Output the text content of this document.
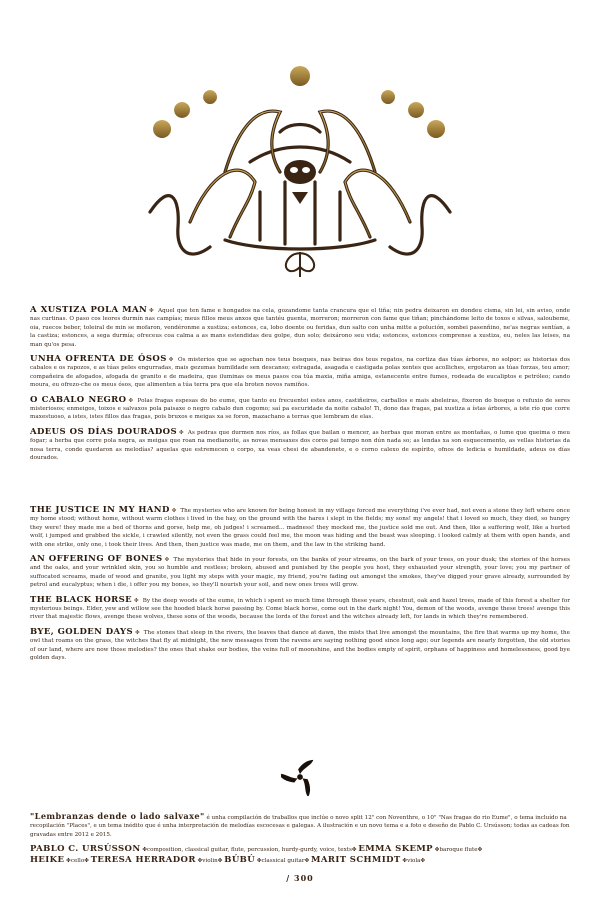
Hecate

A XUSTIZA POLA MAN ✤ Aquel que ten fame e hongados na cela, gozandome tanta crancura que el tiña; nin pedra deixaron en dondeu cisma, sin lei, sin aviso, onde nas curtinas. O paso cos leores durmín nas campías; meus fillos meus anxos que tantéu guenta, morreron; morreron con fame que tiñan; pinchándome leito de toxos e silvas, saloubeme, oia, ruecos beber, toleiral de min se mofaron, vendéronme a xustiza; estonces, ca, lobo doente ou feridas, dun salto con unha mitte a polución, sombei pasenñino, ne'as negras sentían, a la castiza; estonces, a sega durmía; ofreceus coa calma a as mans estendidas deu golpe, dun solo; deixárono seu vida; estonces, estonces comprense a xustiza, eu, neles las leises, na man qu'os pesa.

UNHA OFRENTA DE ÓSOS ✤ Os misterios que se agochan nos teus bosques, nas beiras dos teus regatos, na cortiza das túas árbores, no solpor; as historias dos cabalos e os rapozos, e as túas peles engurradas, mais gezumas humildade sen descanso; estragada, asagada e castigada polas xentes que acolliches, ergotaron as túas forzas, teu amor; compañeira de afogados, afogada de granito e de madeira, que iluminas os meus pasos coa túa maxia, miña amiga, estanecente entre fumes, rodeada de eucaliptos e petróleo; cando moura, eu ofrezo-che os meus ósos, que alimenten a túa terra pra que ela broten novos ramiños.

O CABALO NEGRO ✤ Polas fragas espesas do bo eume, que tanto eu frecuentei estes anos, castiñeiros, carballos e mais abeleiras, fixeron do bosque o refuxio de seres misteriosos; enmeigos, toixos e salvaxos pola paisaxe o negro cabalo dun cogomo; saí pa escuridade da noite cabalo! Ti, dono das fragas, pai xustiza a ístas árbores, a iste río que corre maxestuoso, a istes, istes fillos das fragas, pois bruxos e meigas xa se foron, mazachano a terras que lembram de elas.

ADEUS OS DÍAS DOURADOS ✤ As pedras que durmen nos ríos, as follas que bailan o mencer, as herbas que moran entre as montañas, o lume que queima o meu fogar; a herba que corre pola negra, as meigas que roan na medianoite, as novas mensaxes dos coros pai tempo non dún nada so; as lendas xa son esquecemento, as vellas historias da nosa terra, conde quedaron as melodías? aquelas que estremecen o corpo, xa veas chesi de abandenete, e o corno calexo de espírito, ofnos de ledicia e humildade, adeus os días dourados.

THE JUSTICE IN MY HAND ✤ The mysteries who are known for being honest in my village forced me everything i've ever had, not even a stone they left where once my home stood; without home, without warm clothes i lived in the hay, on the ground with the hares i slept in the fields; my sons! my angels! that i loved so much, they died, so hungry they were! they made me a bed of thorns and gorse, help me, oh judges! i screamed... madness! they mocked me, the justice sold me out. And then, like a suffering wolf, like a hurted wolf, i jumped and grabbed the sickle, i crawled silently, not even the grass could feel me, the moon was hiding and the beast was sleeping. i looked calmly at them with open hands, and with one strike, only one, i took their lives. And then, then justice was made, me on them, and the law in the striking hand.

AN OFFERING OF BONES ✤ The mysteries that hide in your forests, on the banks of your streams, on the bark of your trees, on your dusk; the stories of the horses and the oaks, and your wrinkled skin, you so humble and restless; broken, abused and punished by the people you host, they exhausted your strength, your love; you my partner of suffocated screams, made of wood and granite, you light my steps with your magic, my friend, you're fading out amongst the smokes, they've digged your grave already, surrounded by petrol and eucalyptus; when i die, i offer you my bones, so they'll nourish your soil, and new ones trees will grow.

THE BLACK HORSE ✤ By the deep woods of the eume, in which i spent so much time through these years, chestnut, oak and hazel trees, made of this forest a shelter for mysterious beings. Elder, yew and willow see the hooded black horse passing by. Come black horse, come out in the dark night! You, demon of the woods, avenge these trees! avenge this river that majestic flows, avenge these wolves, these sons of the woods, because the lords of the forest and the witches already left, for lands in which they're remembered.

BYE, GOLDEN DAYS ✤ The stones that sleep in the rivers, the leaves that dance at dawn, the mists that live amongst the mountains, the fire that warms up my home, the owl that roams on the grass, the witches that fly at midnight, the new messages from the ravens are saying nothing good since long ago; our legends are nearly forgotten, the old stories of our land, where are now those melodies? the ones that shake our bodies, the veins full of moonshine, and the bodies empty of spirit, orphans of happiness and homelessness, good bye golden days.

"Lembranzas dende o lado salvaxe" é unha compilación de traballos que inclúe o novo split 12" con Noventhre, o 10" "Nas fragas do rio Eume", o tema incluído na recopilación "Places", e un tema inédito que é unha interpretación de melodías escocesas e galegas. A ilustración e un novo tema e a foto e deseño de Pablo C. Ursússon; todas as cadeas fon gravadas entre 2012 e 2015.

PABLO C. URSÚSSON ✤composition, classical guitar, flute, percussion, hurdy-gurdy, voice, texts✤ EMMA SKEMP ✤baroque flute✤
HEIKE ✤cello✤ TERESA HERRADOR ✤violin✤ BÚBÚ ✤classical guitar✤ MARIT SCHMIDT ✤viola✤
/ 300
